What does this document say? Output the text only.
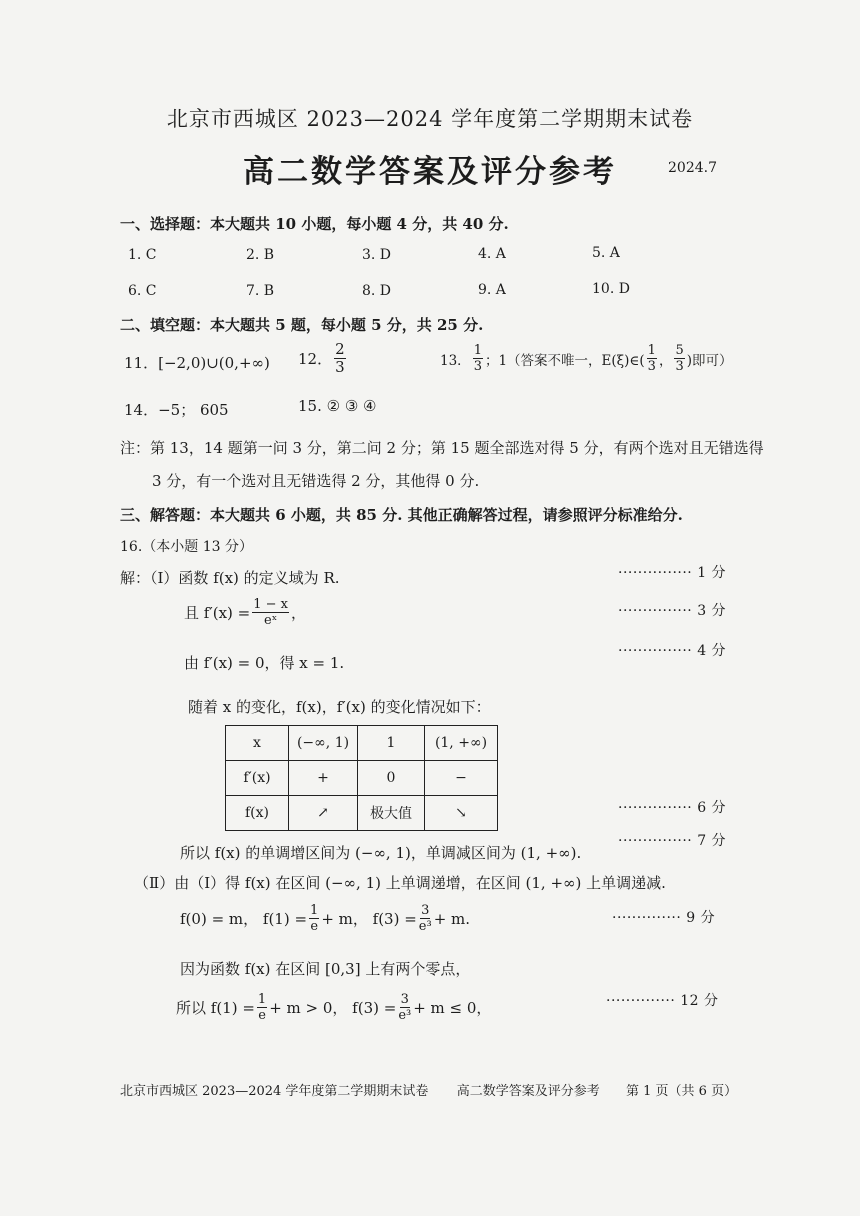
北京市西城区 2023—2024 学年度第二学期期末试卷
高二数学答案及评分参考	2024.7
一、选择题：本大题共 10 小题，每小题 4 分，共 40 分.
1. C	2. B	3. D	4. A	5. A
6. C	7. B	8. D	9. A	10. D
二、填空题：本大题共 5 题，每小题 5 分，共 25 分.
11．[−2,0)∪(0,+∞) 12． $\frac{2}{3}$	13． $\frac{1}{3}$ ；1（答案不唯一，E(ξ)∈( $\frac{1}{3}$ ， $\frac{5}{3}$ )即可）
14．−5； 605	15. ② ③ ④
注：第 13，14 题第一问 3 分，第二问 2 分；第 15 题全部选对得 5 分，有两个选对且无错选得
3 分，有一个选对且无错选得 2 分，其他得 0 分.
三、解答题：本大题共 6 小题，共 85 分. 其他正确解答过程，请参照评分标准给分.
16.（本小题 13 分）
解：（Ⅰ）函数 f(x) 的定义域为 R.
且 $f'(x) = \frac{1 - x}{\text{eˣ}}$ ，
由 f′(x) = 0，得 x = 1.
随着 x 的变化，f(x)，f′(x) 的变化情况如下：
x	(−∞, 1)	1	(1, +∞)
f′(x)	+	0	−
f(x)	↗	极大值	↘
所以 f(x) 的单调增区间为 (−∞, 1)，单调减区间为 (1, +∞).
（Ⅱ）由（Ⅰ）得 f(x) 在区间 (−∞, 1) 上单调递增，在区间 (1, +∞) 上单调递减.
f(0) = m， $f(1) = \frac{1}{e} + m$， $f(3) = \frac{3}{\text{e³}} + m$.
因为函数 f(x) 在区间 [0,3] 上有两个零点，
所以 $f(1) = \frac{1}{e} + m > 0$， $f(3) = \frac{3}{\text{e³}} + m \le 0$，
··············· 1 分
··············· 3 分
··············· 4 分
··············· 6 分
··············· 7 分
·············· 9 分
·············· 12 分
北京市西城区 2023—2024 学年度第二学期期末试卷 高二数学答案及评分参考 第 1 页（共 6 页）
